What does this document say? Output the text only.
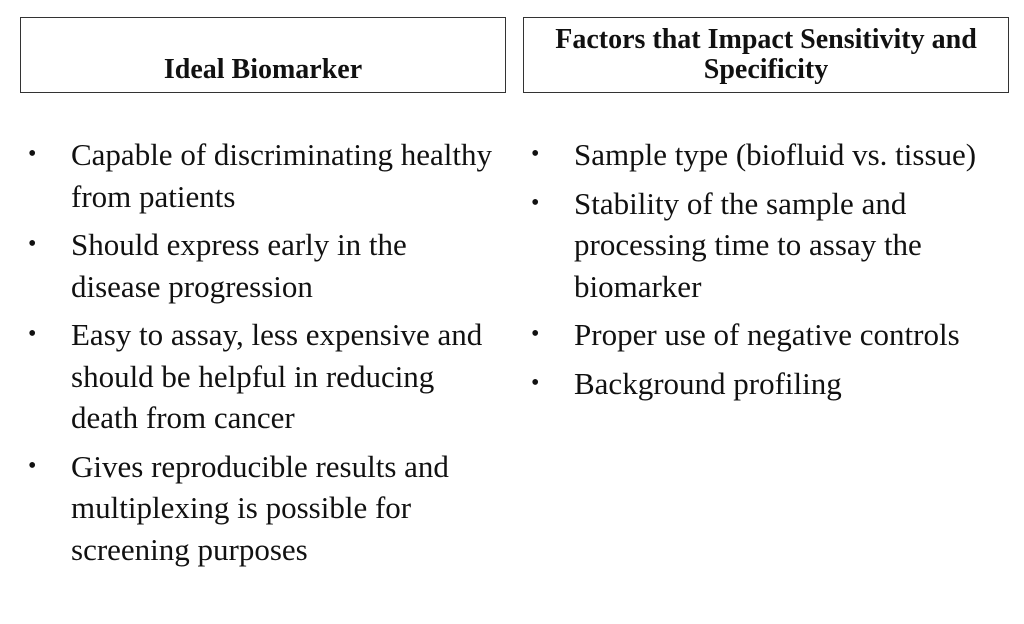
Ideal Biomarker
Factors that Impact Sensitivity and Specificity
•	Capable of discriminating healthy from patients
•	Should express early in the disease progression
•	Easy to assay, less expensive and should be helpful in reducing death from cancer
•	Gives reproducible results and multiplexing is possible for screening purposes
•	Sample type (biofluid vs. tissue)
•	Stability of the sample and processing time to assay the biomarker
•	Proper use of negative controls
•	Background profiling
